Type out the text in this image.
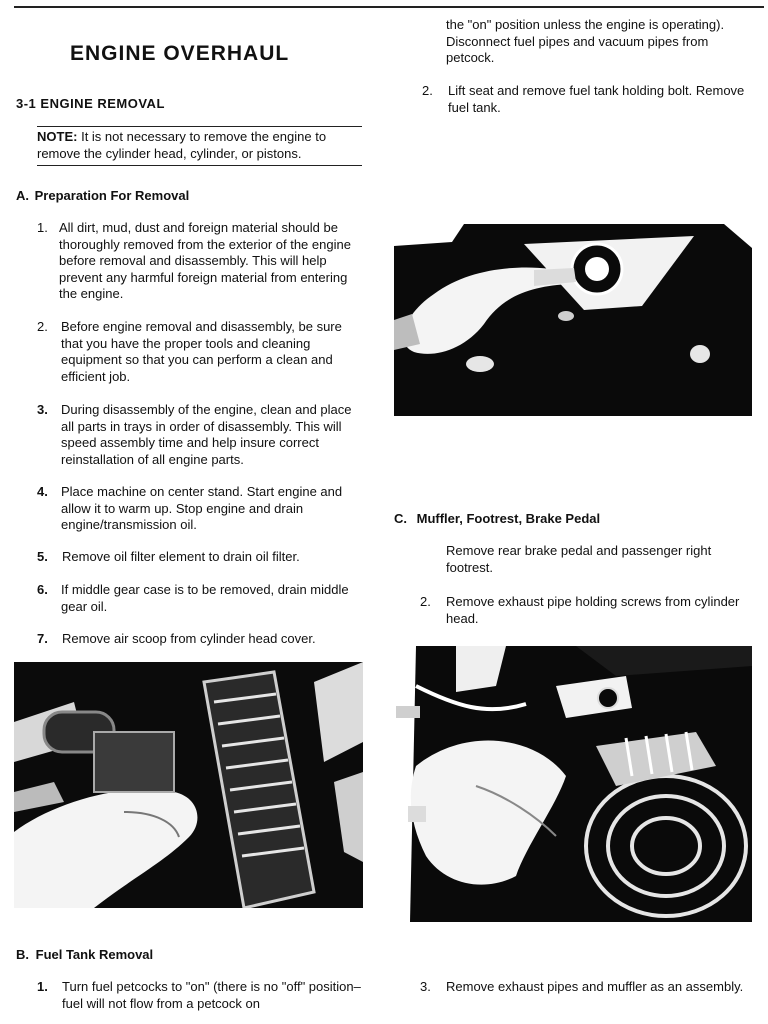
ENGINE OVERHAUL
3-1 ENGINE REMOVAL
NOTE: It is not necessary to remove the engine to remove the cylinder head, cylinder, or pistons.
A. Preparation For Removal
1. All dirt, mud, dust and foreign material should be thoroughly removed from the exterior of the engine before removal and disassembly. This will help prevent any harmful foreign material from entering the engine.
2. Before engine removal and disassembly, be sure that you have the proper tools and cleaning equipment so that you can perform a clean and efficient job.
3. During disassembly of the engine, clean and place all parts in trays in order of disassembly. This will speed assembly time and help insure correct reinstallation of all engine parts.
4. Place machine on center stand. Start engine and allow it to warm up. Stop engine and drain engine/transmission oil.
5. Remove oil filter element to drain oil filter.
6. If middle gear case is to be removed, drain middle gear oil.
7. Remove air scoop from cylinder head cover.
B. Fuel Tank Removal
1. Turn fuel petcocks to "on" (there is no "off" position–fuel will not flow from a petcock on
the "on" position unless the engine is operating). Disconnect fuel pipes and vacuum pipes from petcock.
2. Lift seat and remove fuel tank holding bolt. Remove fuel tank.
C. Muffler, Footrest, Brake Pedal
Remove rear brake pedal and passenger right footrest.
2. Remove exhaust pipe holding screws from cylinder head.
3. Remove exhaust pipes and muffler as an assembly.
